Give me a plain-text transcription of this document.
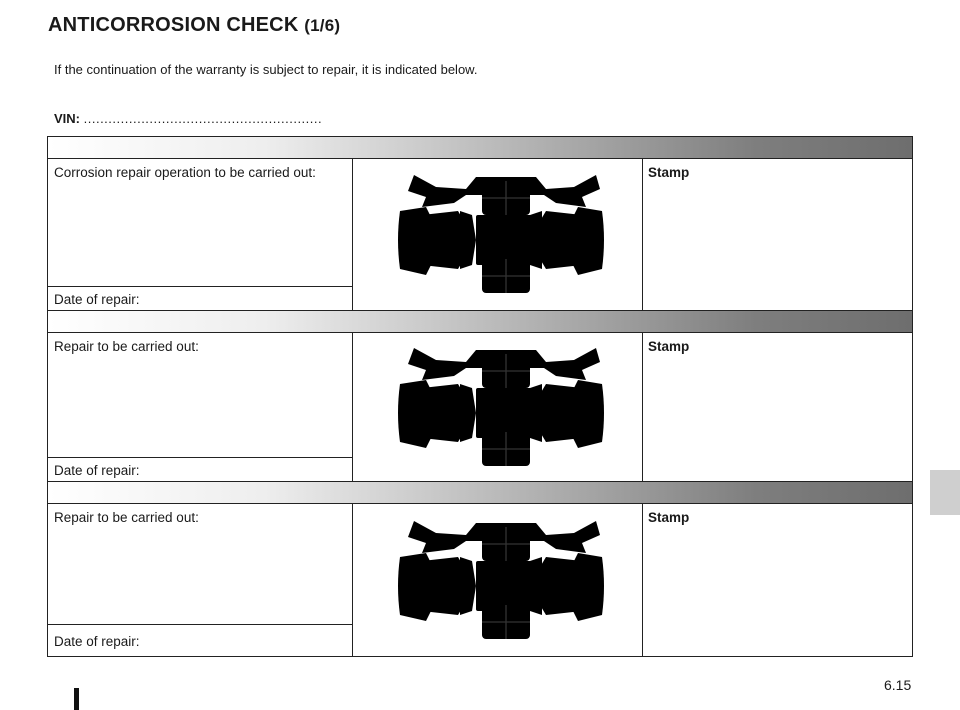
ANTICORROSION CHECK (1/6)
If the continuation of the warranty is subject to repair, it is indicated below.
VIN: ..........................................................
Corrosion repair operation to be carried out:
Date of repair:
Stamp
Repair to be carried out:
Date of repair:
Stamp
Repair to be carried out:
Date of repair:
Stamp
6.15
